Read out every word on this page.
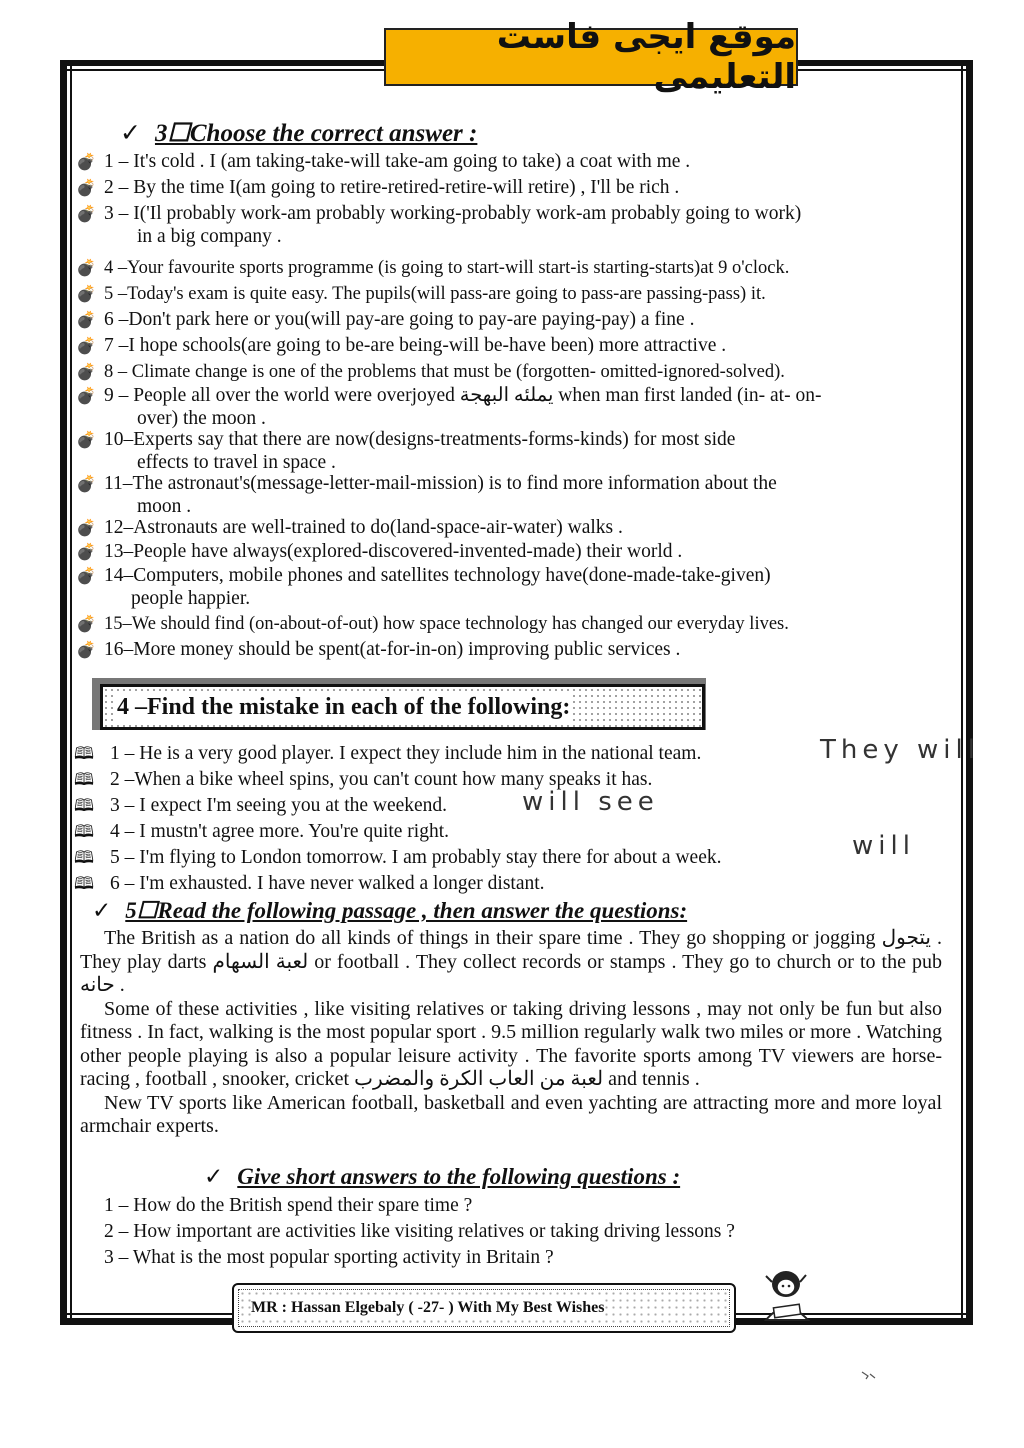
موقع ايجى فاست التعليمى
✓ 3☐Choose the correct answer :
💣 1 – It's cold . I (am taking-take-will take-am going to take) a coat with me .
💣 2 – By the time I(am going to retire-retired-retire-will retire) , I'll be rich .
💣 3 – I('Il probably work-am probably working-probably work-am probably going to work)
in a big company .
💣 4 –Your favourite sports programme (is going to start-will start-is starting-starts)at 9 o'clock.
💣 5 –Today's exam is quite easy. The pupils(will pass-are going to pass-are passing-pass) it.
💣 6 –Don't park here or you(will pay-are going to pay-are paying-pay) a fine .
💣 7 –I hope schools(are going to be-are being-will be-have been) more attractive .
💣 8 – Climate change is one of the problems that must be (forgotten- omitted-ignored-solved).
💣 9 – People all over the world were overjoyed يملئه البهجة when man first landed (in- at- on-
over) the moon .
💣 10–Experts say that there are now(designs-treatments-forms-kinds) for most side
effects to travel in space .
💣 11–The astronaut's(message-letter-mail-mission) is to find more information about the
moon .
💣 12–Astronauts are well-trained to do(land-space-air-water) walks .
💣 13–People have always(explored-discovered-invented-made) their world .
💣 14–Computers, mobile phones and satellites technology have(done-made-take-given)
people happier.
💣 15–We should find (on-about-of-out) how space technology has changed our everyday lives.
💣 16–More money should be spent(at-for-in-on) improving public services .
4 –Find the mistake in each of the following:
🕮 1 – He is a very good player. I expect they include him in the national team.	They will
🕮 2 –When a bike wheel spins, you can't count how many speaks it has.
🕮 3 – I expect I'm seeing you at the weekend.	will see
🕮 4 – I mustn't agree more. You're quite right.
🕮 5 – I'm flying to London tomorrow. I am probably stay there for about a week.	will
🕮 6 – I'm exhausted. I have never walked a longer distant.
✓ 5☐Read the following passage , then answer the questions:

The British as a nation do all kinds of things in their spare time . They go shopping or jogging يتجول . They play darts لعبة السهام or football . They collect records or stamps . They go to church or to the pub حانه .

Some of these activities , like visiting relatives or taking driving lessons , may not only be fun but also fitness . In fact, walking is the most popular sport . 9.5 million regularly walk two miles or more . Watching other people playing is also a popular leisure activity . The favorite sports among TV viewers are horse-racing , football , snooker, cricket لعبة من العاب الكرة والمضرب and tennis .

New TV sports like American football, basketball and even yachting are attracting more and more loyal armchair experts.

✓ Give short answers to the following questions :
1 – How do the British spend their spare time ?
2 – How important are activities like visiting relatives or taking driving lessons ?
3 – What is the most popular sporting activity in Britain ?
MR : Hassan Elgebaly ( -27- ) With My Best Wishes
